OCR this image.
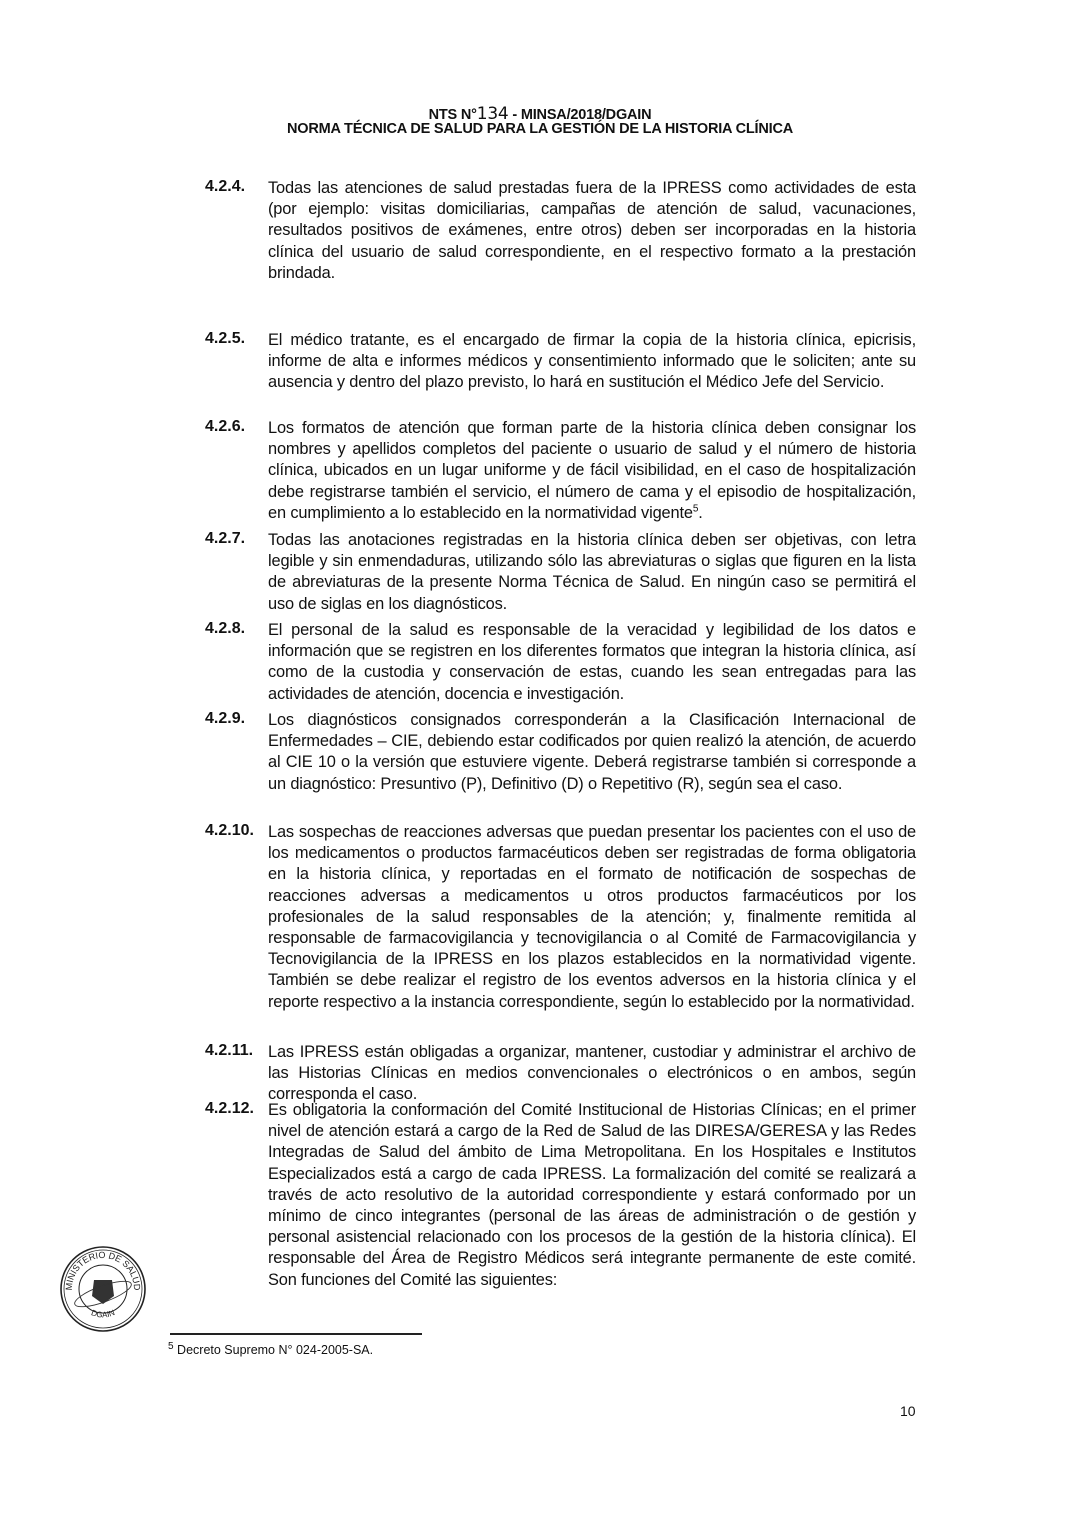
NTS N°134 - MINSA/2018/DGAIN
NORMA TÉCNICA DE SALUD PARA LA GESTIÓN DE LA HISTORIA CLÍNICA
4.2.4. Todas las atenciones de salud prestadas fuera de la IPRESS como actividades de esta (por ejemplo: visitas domiciliarias, campañas de atención de salud, vacunaciones, resultados positivos de exámenes, entre otros) deben ser incorporadas en la historia clínica del usuario de salud correspondiente, en el respectivo formato a la prestación brindada.
4.2.5. El médico tratante, es el encargado de firmar la copia de la historia clínica, epicrisis, informe de alta e informes médicos y consentimiento informado que le soliciten; ante su ausencia y dentro del plazo previsto, lo hará en sustitución el Médico Jefe del Servicio.
4.2.6. Los formatos de atención que forman parte de la historia clínica deben consignar los nombres y apellidos completos del paciente o usuario de salud y el número de historia clínica, ubicados en un lugar uniforme y de fácil visibilidad, en el caso de hospitalización debe registrarse también el servicio, el número de cama y el episodio de hospitalización, en cumplimiento a lo establecido en la normatividad vigente$^5$.
4.2.7. Todas las anotaciones registradas en la historia clínica deben ser objetivas, con letra legible y sin enmendaduras, utilizando sólo las abreviaturas o siglas que figuren en la lista de abreviaturas de la presente Norma Técnica de Salud. En ningún caso se permitirá el uso de siglas en los diagnósticos.
4.2.8. El personal de la salud es responsable de la veracidad y legibilidad de los datos e información que se registren en los diferentes formatos que integran la historia clínica, así como de la custodia y conservación de estas, cuando les sean entregadas para las actividades de atención, docencia e investigación.
4.2.9. Los diagnósticos consignados corresponderán a la Clasificación Internacional de Enfermedades – CIE, debiendo estar codificados por quien realizó la atención, de acuerdo al CIE 10 o la versión que estuviere vigente. Deberá registrarse también si corresponde a un diagnóstico: Presuntivo (P), Definitivo (D) o Repetitivo (R), según sea el caso.
4.2.10. Las sospechas de reacciones adversas que puedan presentar los pacientes con el uso de los medicamentos o productos farmacéuticos deben ser registradas de forma obligatoria en la historia clínica, y reportadas en el formato de notificación de sospechas de reacciones adversas a medicamentos u otros productos farmacéuticos por los profesionales de la salud responsables de la atención; y, finalmente remitida al responsable de farmacovigilancia y tecnovigilancia o al Comité de Farmacovigilancia y Tecnovigilancia de la IPRESS en los plazos establecidos en la normatividad vigente. También se debe realizar el registro de los eventos adversos en la historia clínica y el reporte respectivo a la instancia correspondiente, según lo establecido por la normatividad.
4.2.11. Las IPRESS están obligadas a organizar, mantener, custodiar y administrar el archivo de las Historias Clínicas en medios convencionales o electrónicos o en ambos, según corresponda el caso.
4.2.12. Es obligatoria la conformación del Comité Institucional de Historias Clínicas; en el primer nivel de atención estará a cargo de la Red de Salud de las DIRESA/GERESA y las Redes Integradas de Salud del ámbito de Lima Metropolitana. En los Hospitales e Institutos Especializados está a cargo de cada IPRESS. La formalización del comité se realizará a través de acto resolutivo de la autoridad correspondiente y estará conformado por un mínimo de cinco integrantes (personal de las áreas de administración o de gestión y personal asistencial relacionado con los procesos de la gestión de la historia clínica). El responsable del Área de Registro Médicos será integrante permanente de este comité. Son funciones del Comité las siguientes:
MINISTERIO DE SALUD
DGAIN
$^5$ Decreto Supremo N° 024-2005-SA.
10
